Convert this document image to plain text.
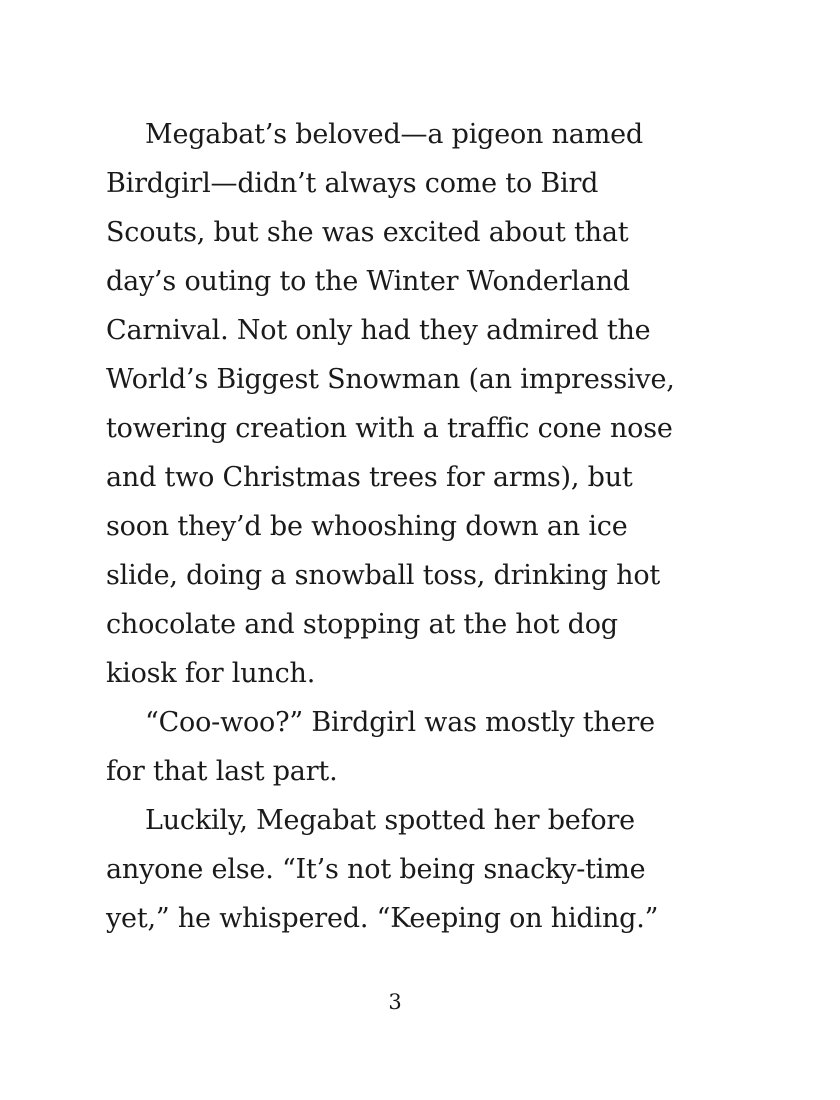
Megabat’s beloved—a pigeon named
Birdgirl—didn’t always come to Bird
Scouts, but she was excited about that
day’s outing to the Winter Wonderland
Carnival. Not only had they admired the
World’s Biggest Snowman (an impressive,
towering creation with a traffic cone nose
and two Christmas trees for arms), but
soon they’d be whooshing down an ice
slide, doing a snowball toss, drinking hot
chocolate and stopping at the hot dog
kiosk for lunch.
“Coo-woo?” Birdgirl was mostly there
for that last part.
Luckily, Megabat spotted her before
anyone else. “It’s not being snacky-time
yet,” he whispered. “Keeping on hiding.”
3
